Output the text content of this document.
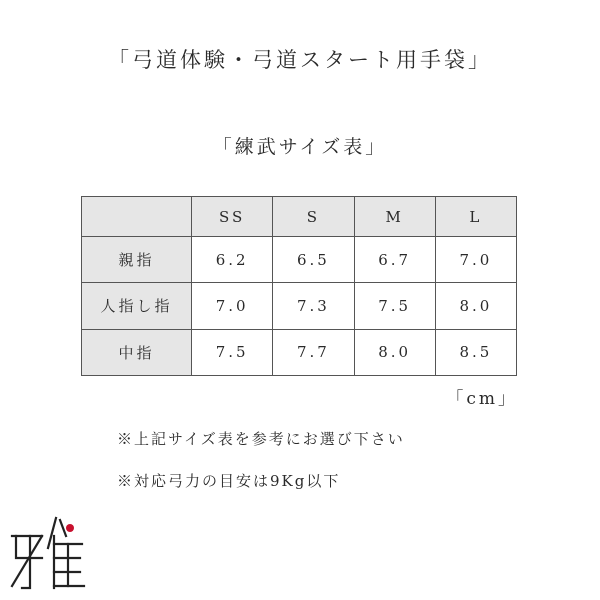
「弓道体験・弓道スタート用手袋」
「練武サイズ表」
	SS	S	M	L
親指	6.2	6.5	6.7	7.0
人指し指	7.0	7.3	7.5	8.0
中指	7.5	7.7	8.0	8.5
「cm」
※上記サイズ表を参考にお選び下さい
※対応弓力の目安は9Kg以下
